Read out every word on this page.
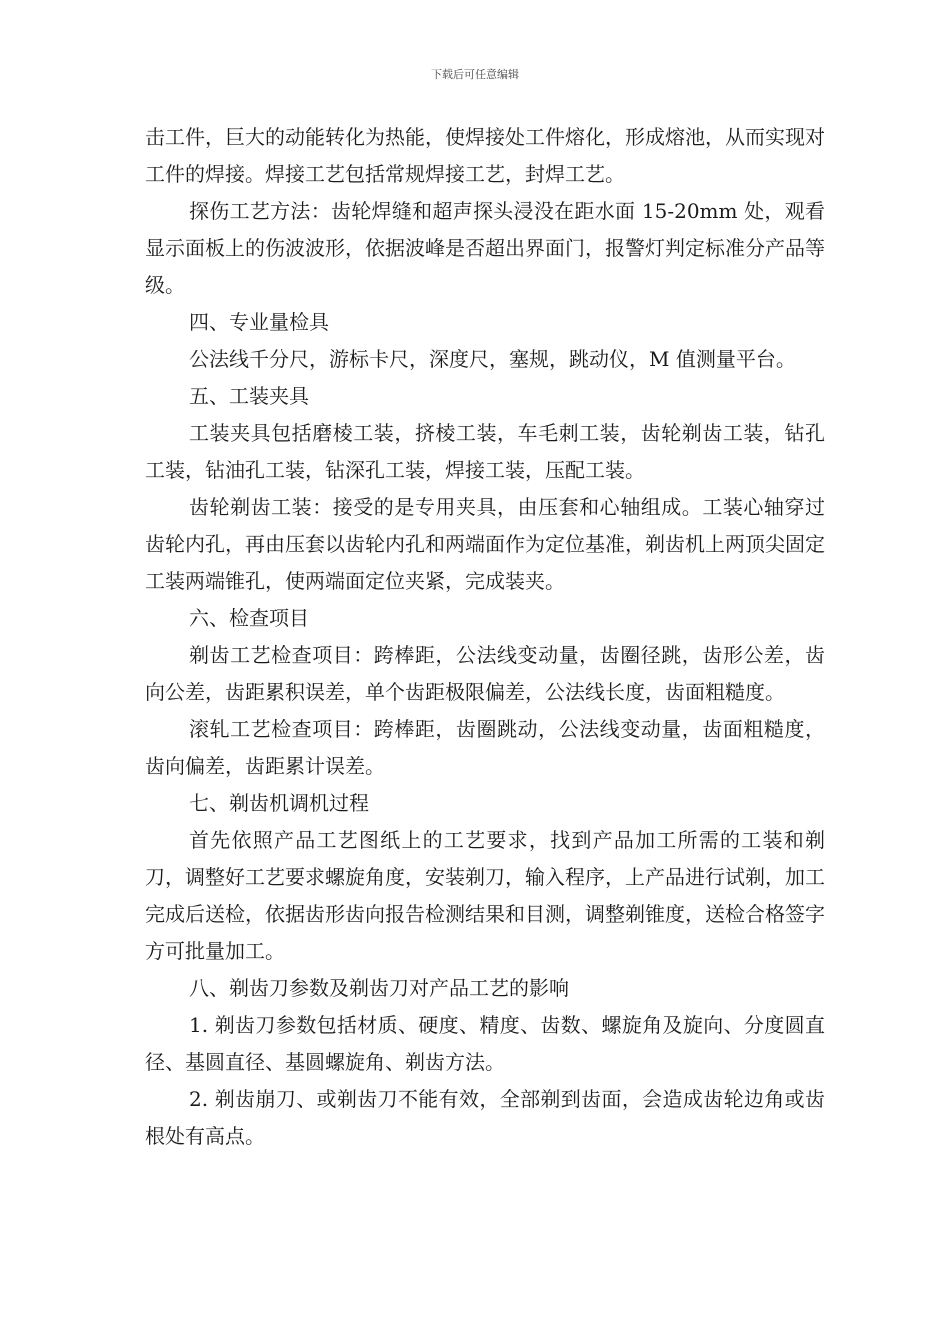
下载后可任意编辑

击工件，巨大的动能转化为热能，使焊接处工件熔化，形成熔池，从而实现对工件的焊接。焊接工艺包括常规焊接工艺，封焊工艺。

探伤工艺方法：齿轮焊缝和超声探头浸没在距水面 15-20mm 处，观看显示面板上的伤波波形，依据波峰是否超出界面门，报警灯判定标准分产品等级。

四、专业量检具

公法线千分尺，游标卡尺，深度尺，塞规，跳动仪，M 值测量平台。

五、工装夹具

工装夹具包括磨棱工装，挤棱工装，车毛刺工装，齿轮剃齿工装，钻孔工装，钻油孔工装，钻深孔工装，焊接工装，压配工装。

齿轮剃齿工装：接受的是专用夹具，由压套和心轴组成。工装心轴穿过齿轮内孔，再由压套以齿轮内孔和两端面作为定位基准，剃齿机上两顶尖固定工装两端锥孔，使两端面定位夹紧，完成装夹。

六、检查项目

剃齿工艺检查项目：跨棒距，公法线变动量，齿圈径跳，齿形公差，齿向公差，齿距累积误差，单个齿距极限偏差，公法线长度，齿面粗糙度。

滚轧工艺检查项目：跨棒距，齿圈跳动，公法线变动量，齿面粗糙度，齿向偏差，齿距累计误差。

七、剃齿机调机过程

首先依照产品工艺图纸上的工艺要求，找到产品加工所需的工装和剃刀，调整好工艺要求螺旋角度，安装剃刀，输入程序，上产品进行试剃，加工完成后送检，依据齿形齿向报告检测结果和目测，调整剃锥度，送检合格签字方可批量加工。

八、剃齿刀参数及剃齿刀对产品工艺的影响

1. 剃齿刀参数包括材质、硬度、精度、齿数、螺旋角及旋向、分度圆直径、基圆直径、基圆螺旋角、剃齿方法。

2. 剃齿崩刀、或剃齿刀不能有效，全部剃到齿面，会造成齿轮边角或齿根处有高点。
